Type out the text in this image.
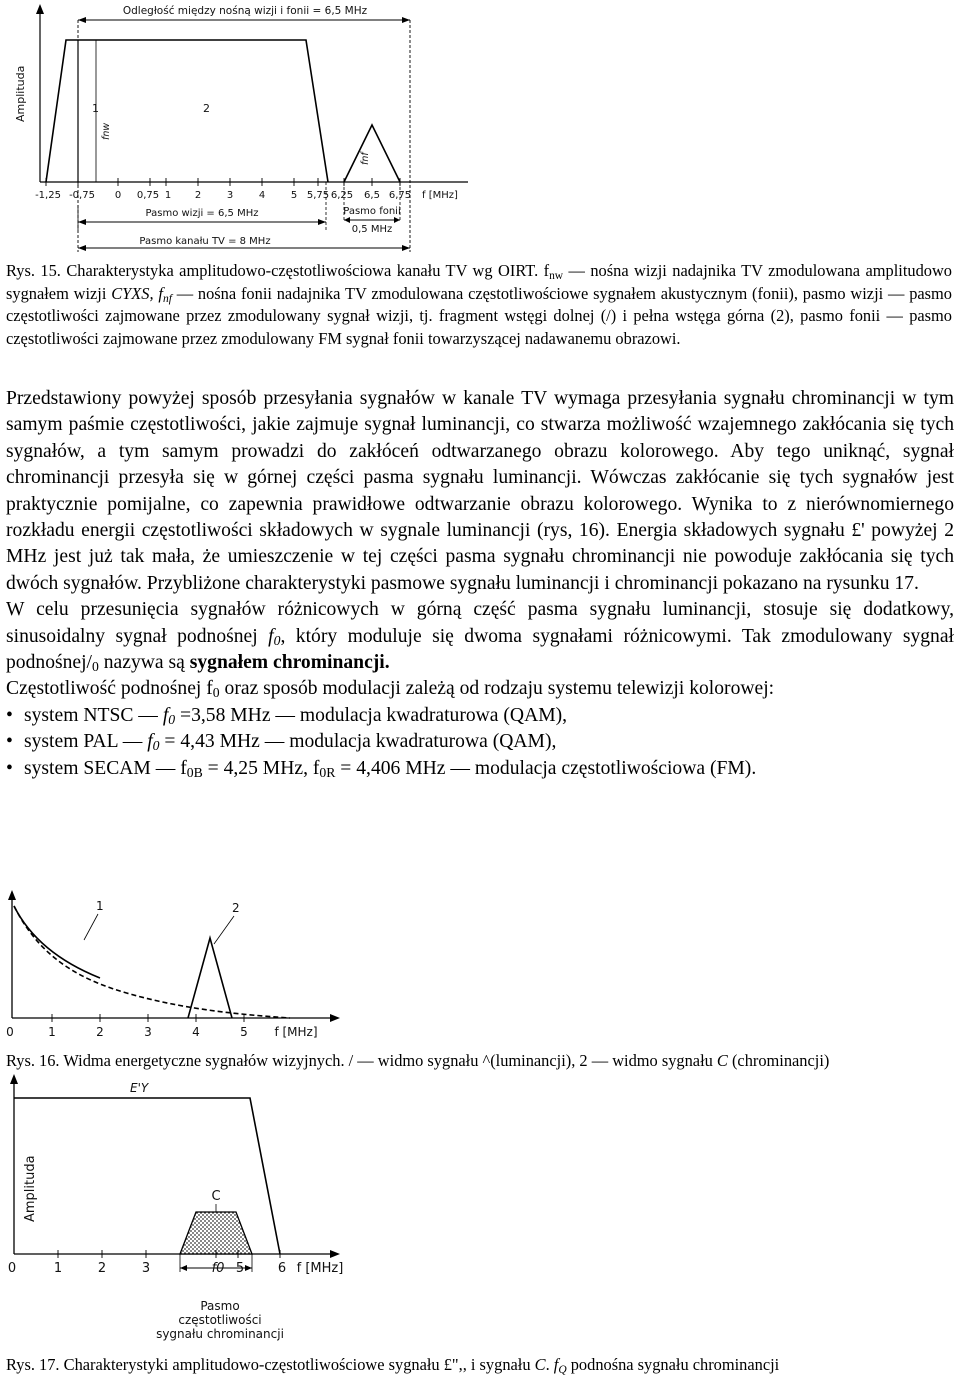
Amplituda
Odległość między nośną wizji i fonii = 6,5 MHz
1	2
fnw
fnf
-1,25 -0,75 0 0,75 1 2	3	4	5 5,75 6,25 6,5 6,75 f [MHz]
Pasmo wizji = 6,5 MHz	Pasmo fonii
0,5 MHz
Pasmo kanału TV = 8 MHz
Rys. 15. Charakterystyka amplitudowo-częstotliwościowa kanału TV wg OIRT. $f_{nw}$ — nośna wizji nadajnika TV zmodulowana amplitudowo sygnałem wizji CYXS, $f_{nf}$ — nośna fonii nadajnika TV zmodulowana częstotliwościowe sygnałem akustycznym (fonii), pasmo wizji — pasmo częstotliwości zajmowane przez zmodulowany sygnał wizji, tj. fragment wstęgi dolnej (/) i pełna wstęga górna (2), pasmo fonii — pasmo częstotliwości zajmowane przez zmodulowany FM sygnał fonii towarzyszącej nadawanemu obrazowi.

Przedstawiony powyżej sposób przesyłania sygnałów w kanale TV wymaga przesyłania sygnału chrominancji w tym samym paśmie częstotliwości, jakie zajmuje sygnał luminancji, co stwarza możliwość wzajemnego zakłócania się tych sygnałów, a tym samym prowadzi do zakłóceń odtwarzanego obrazu kolorowego. Aby tego uniknąć, sygnał chrominancji przesyła się w górnej części pasma sygnału luminancji. Wówczas zakłócanie się tych sygnałów jest praktycznie pomijalne, co zapewnia prawidłowe odtwarzanie obrazu kolorowego. Wynika to z nierównomiernego rozkładu energii częstotliwości składowych w sygnale luminancji (rys, 16). Energia składowych sygnału £' powyżej 2 MHz jest już tak mała, że umieszczenie w tej części pasma sygnału chrominancji nie powoduje zakłócania się tych dwóch sygnałów. Przybliżone charakterystyki pasmowe sygnału luminancji i chrominancji pokazano na rysunku 17.

W celu przesunięcia sygnałów różnicowych w górną część pasma sygnału luminancji, stosuje się dodatkowy, sinusoidalny sygnał podnośnej $f_0$, który moduluje się dwoma sygnałami różnicowymi. Tak zmodulowany sygnał podnośnej/$_0$ nazywa są sygnałem chrominancji.

Częstotliwość podnośnej $f_0$ oraz sposób modulacji zależą od rodzaju systemu telewizji kolorowej:

• system NTSC — $f_0 =3,58$ MHz — modulacja kwadraturowa (QAM),
• system PAL — $f_0 = 4,43$ MHz — modulacja kwadraturowa (QAM),
• system SECAM — $f_{0B} = 4,25$ MHz, $f_{0R} = 4,406$ MHz — modulacja częstotliwościowa (FM).
1	2
0	1	2	3	4	5 f [MHz]
Rys. 16. Widma energetyczne sygnałów wizyjnych. / — widmo sygnału ^(luminancji), 2 — widmo sygnału C (chrominancji)
Amplituda
E'Y
C
0	1	2	3	f0 5	6 f [MHz]
Pasmo
częstotliwości
sygnału chrominancji
Rys. 17. Charakterystyki amplitudowo-częstotliwościowe sygnału £",, i sygnału C. $f_Q$ podnośna sygnału chrominancji
